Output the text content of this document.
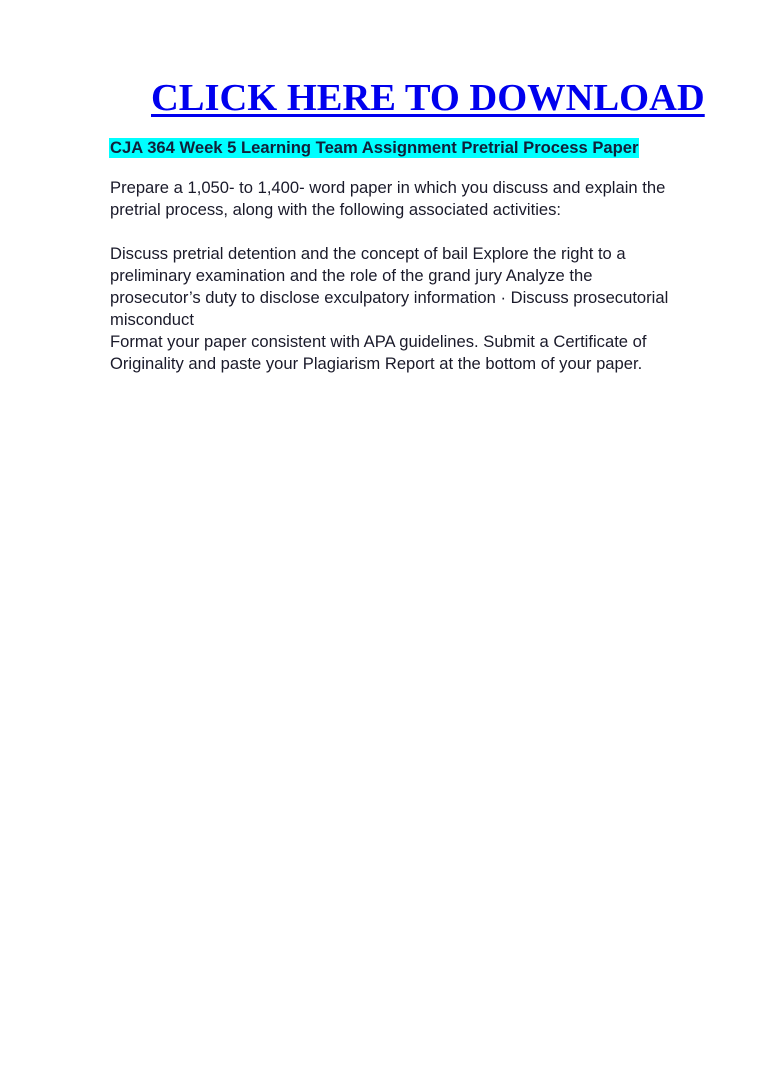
CLICK HERE TO DOWNLOAD
CJA 364 Week 5 Learning Team Assignment Pretrial Process Paper

Prepare a 1,050- to 1,400- word paper in which you discuss and explain the
pretrial process, along with the following associated activities:

Discuss pretrial detention and the concept of bail Explore the right to a
preliminary examination and the role of the grand jury Analyze the
prosecutor’s duty to disclose exculpatory information · Discuss prosecutorial
misconduct

Format your paper consistent with APA guidelines. Submit a Certificate of
Originality and paste your Plagiarism Report at the bottom of your paper.
